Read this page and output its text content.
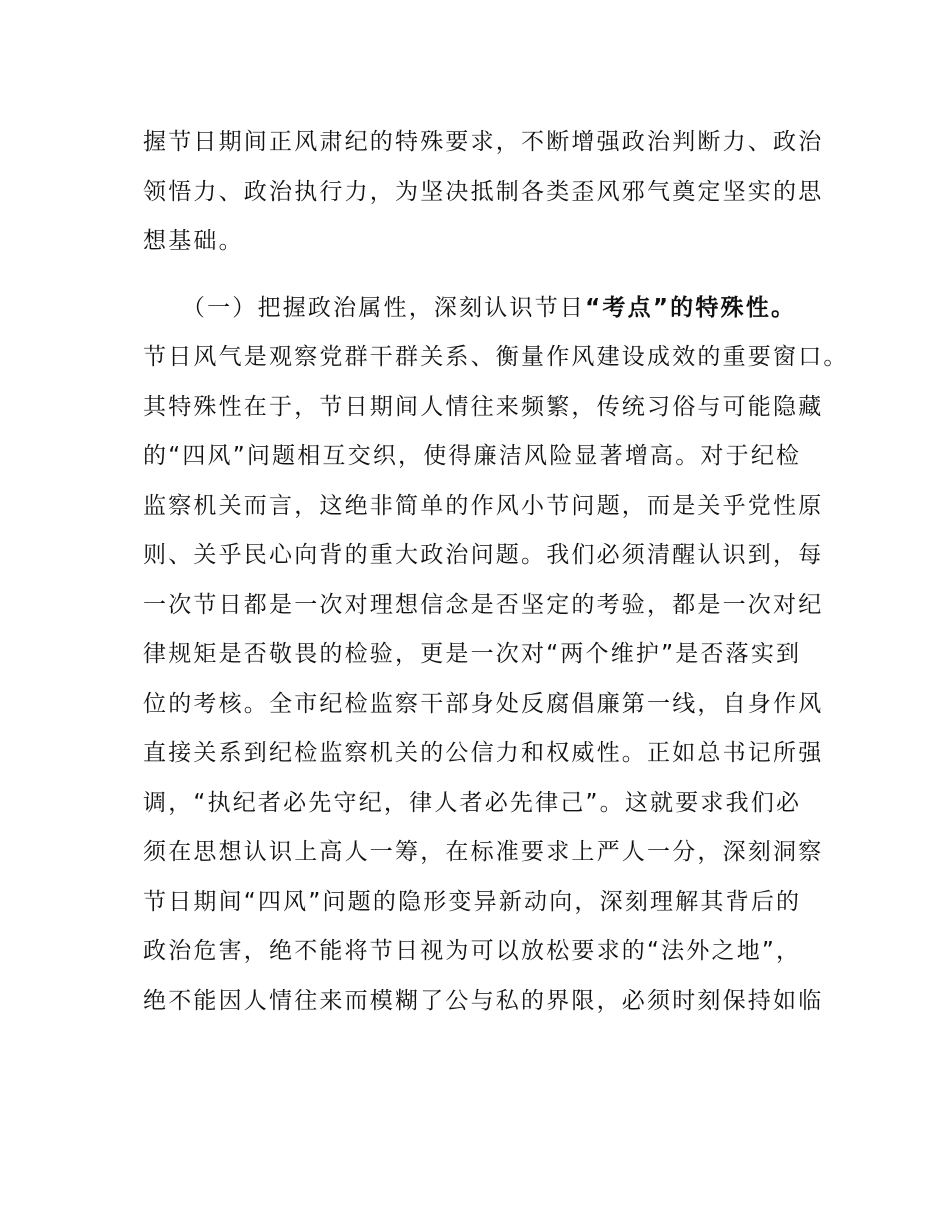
握节日期间正风肃纪的特殊要求，不断增强政治判断力、政治
领悟力、政治执行力，为坚决抵制各类歪风邪气奠定坚实的思
想基础。
　　（一）把握政治属性，深刻认识节日“考点”的特殊性。
节日风气是观察党群干群关系、衡量作风建设成效的重要窗口。
其特殊性在于，节日期间人情往来频繁，传统习俗与可能隐藏
的“四风”问题相互交织，使得廉洁风险显著增高。对于纪检
监察机关而言，这绝非简单的作风小节问题，而是关乎党性原
则、关乎民心向背的重大政治问题。我们必须清醒认识到，每
一次节日都是一次对理想信念是否坚定的考验，都是一次对纪
律规矩是否敬畏的检验，更是一次对“两个维护”是否落实到
位的考核。全市纪检监察干部身处反腐倡廉第一线，自身作风
直接关系到纪检监察机关的公信力和权威性。正如总书记所强
调，“执纪者必先守纪，律人者必先律己”。这就要求我们必
须在思想认识上高人一筹，在标准要求上严人一分，深刻洞察
节日期间“四风”问题的隐形变异新动向，深刻理解其背后的
政治危害，绝不能将节日视为可以放松要求的“法外之地”，
绝不能因人情往来而模糊了公与私的界限，必须时刻保持如临
